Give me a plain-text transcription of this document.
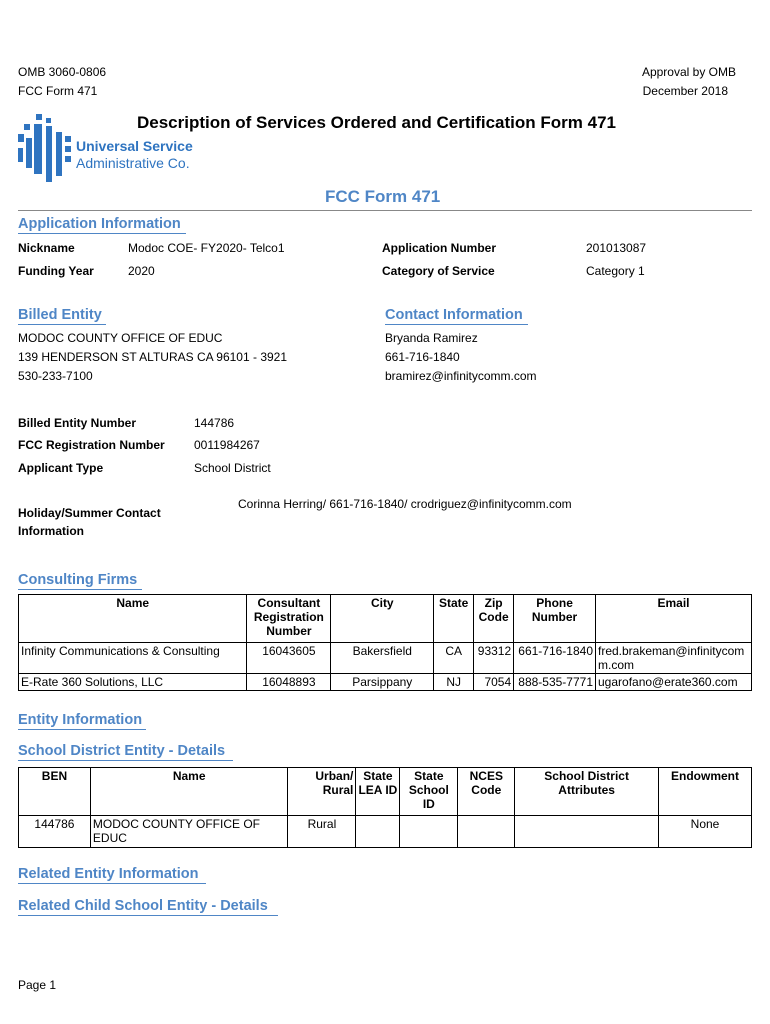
OMB 3060-0806
FCC Form 471
Approval by OMB
December 2018
Universal Service
Administrative Co.
Description of Services Ordered and Certification Form 471
FCC Form 471
Application Information
Nickname	Modoc COE- FY2020- Telco1	Application Number	201013087
Funding Year	2020	Category of Service	Category 1
Billed Entity
MODOC COUNTY OFFICE OF EDUC
139 HENDERSON ST ALTURAS CA 96101 - 3921
530-233-7100
Contact Information
Bryanda Ramirez
661-716-1840
bramirez@infinitycomm.com
Billed Entity Number	144786
FCC Registration Number 0011984267
Applicant Type	School District
Holiday/Summer Contact
Information
Corinna Herring/ 661-716-1840/ crodriguez@infinitycomm.com
Consulting Firms
Name	Consultant Registration Number	City	State	Zip Code	Phone Number	Email
Infinity Communications & Consulting	16043605	Bakersfield	CA	93312	661-716-1840	fred.brakeman@infinitycomm.com
E-Rate 360 Solutions, LLC	16048893	Parsippany	NJ	7054	888-535-7771	ugarofano@erate360.com
Entity Information
School District Entity - Details
BEN	Name	Urban/ Rural	State LEA ID	State School ID	NCES Code	School District Attributes	Endowment
144786	MODOC COUNTY OFFICE OF EDUC	Rural					None
Related Entity Information
Related Child School Entity - Details
Page 1
